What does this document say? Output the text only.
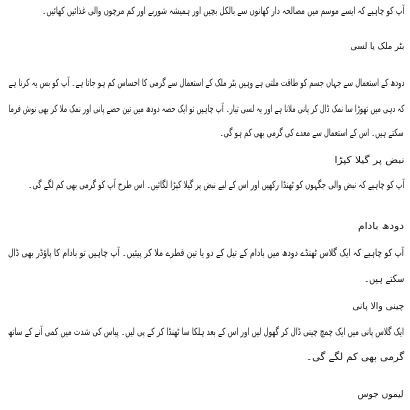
آپ کو چاہیے کہ ایسے موسم میں مصالحہ دار کھانوں سے بالکل بچیں اور ہمیشہ شوربے اور کم مرچوں والی غذائیں کھائیں۔
بٹر ملک یا لسی
دودھ کے استعمال سے جہاں جسم کو طاقت ملتی ہے وہیں بٹر ملک کے استعمال سے گرمی کا احساس کم ہو جاتا ہے۔ آپ کو بس یہ کرنا ہے
کہ دہی میں تھوڑا سا نمک ڈال کر پانی ملانا ہے اور یہ لسی تیار۔ آپ چاہیں تو ایک حصہ دودھ میں تین حصے پانی اور نمک ملا کر بھی نوش فرما
سکتے ہیں۔ اس کے استعمال سے معدے کی گرمی بھی کم ہو گی۔
نبض پر گیلا کپڑا
آپ کو چاہیے کہ نبض والی جگہوں کو ٹھنڈا رکھیں اور اس کے لیے نبض پر گیلا کپڑا لگائیں۔ اس طرح آپ کو گرمی بھی کم لگے گی۔
دودھ بادام
آپ کو چاہیے کہ ایک گلاس ٹھنڈے دودھ میں بادام کے تیل کے دو یا تین قطرے ملا کر پیئیں۔ آپ چاہیں تو بادام کا پاؤڈر بھی ڈال
سکتے ہیں۔
چینی والا پانی
ایک گلاس پانی میں ایک چمچ چینی ڈال کر گھول لیں اور اس کے بعد ہلکا سا ٹھنڈا کر کے پی لیں۔ پیاس کی شدت میں کمی آنے کے ساتھ
گرمی بھی کم لگے گی۔
لیموں جوس
